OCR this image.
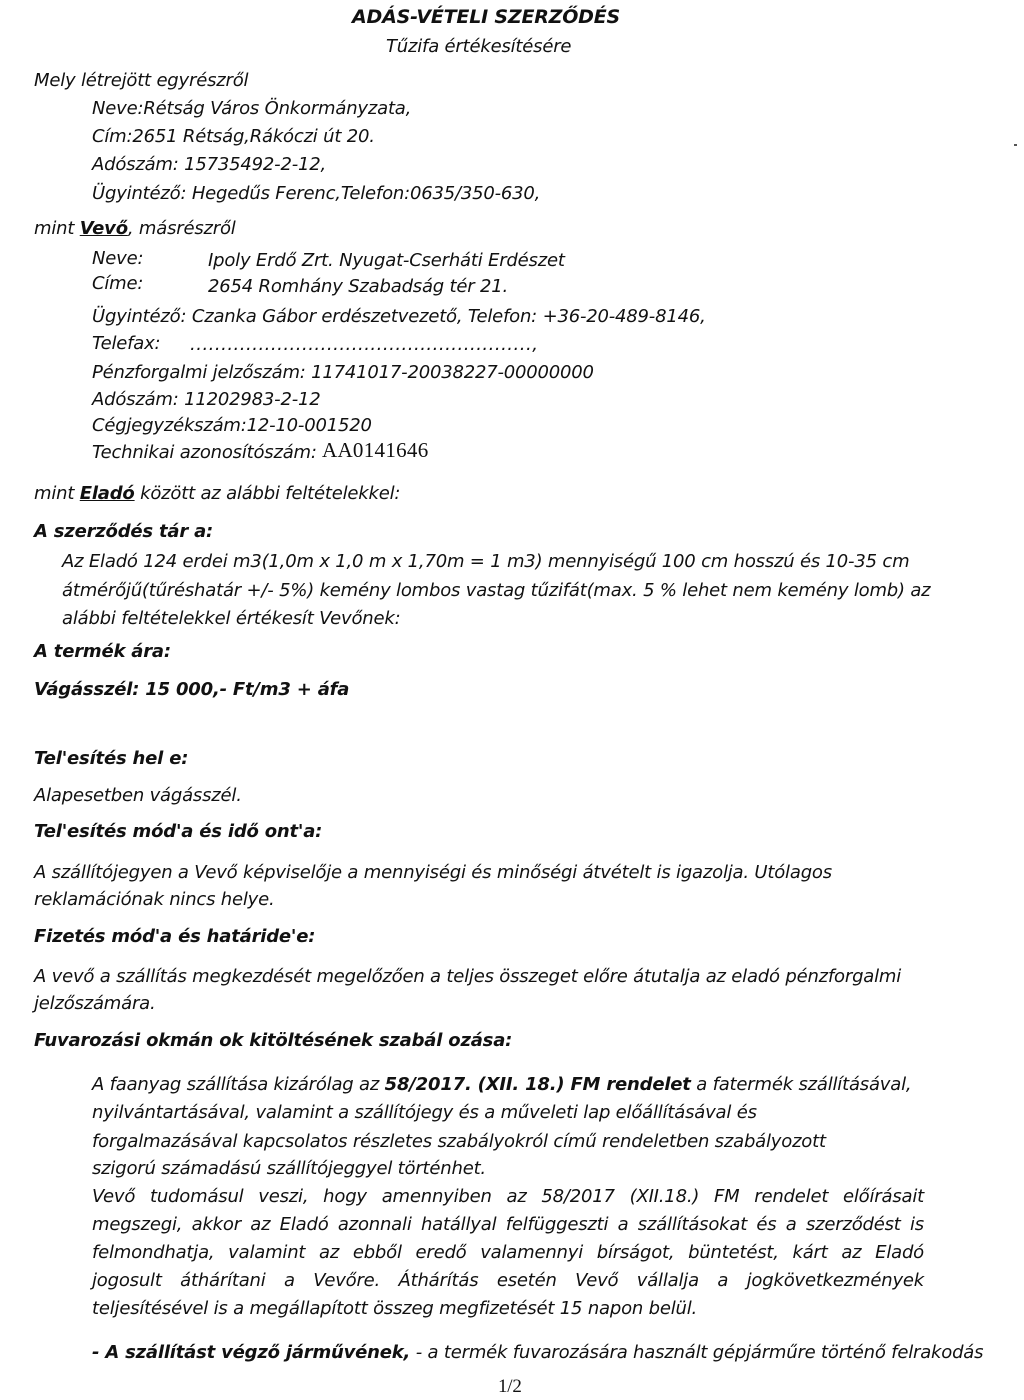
ADÁS-VÉTELI SZERZŐDÉS
Tűzifa értékesítésére
Mely létrejött egyrészről
Neve:Rétság Város Önkormányzata,
Cím:2651 Rétság,Rákóczi út 20.
Adószám: 15735492-2-12,
Ügyintéző: Hegedűs Ferenc,Telefon:0635/350-630,
mint Vevő, másrészről
Neve:	Ipoly Erdő Zrt. Nyugat-Cserháti Erdészet
Címe:	2654 Romhány Szabadság tér 21.
Ügyintéző: Czanka Gábor erdészetvezető, Telefon: +36-20-489-8146,
Telefax: .......................................................,
Pénzforgalmi jelzőszám: 11741017-20038227-00000000
Adószám: 11202983-2-12
Cégjegyzékszám:12-10-001520
Technikai azonosítószám: AA0141646
mint Eladó között az alábbi feltételekkel:
A szerződés tár a:
Az Eladó 124 erdei m3(1,0m x 1,0 m x 1,70m = 1 m3) mennyiségű 100 cm hosszú és 10-35 cm
átmérőjű(tűréshatár +/- 5%) kemény lombos vastag tűzifát(max. 5 % lehet nem kemény lomb) az
alábbi feltételekkel értékesít Vevőnek:
A termék ára:
Vágásszél: 15 000,- Ft/m3 + áfa
Tel'esítés hel e:
Alapesetben vágásszél.
Tel'esítés mód'a és idő ont'a:
A szállítójegyen a Vevő képviselője a mennyiségi és minőségi átvételt is igazolja. Utólagos
reklamációnak nincs helye.
Fizetés mód'a és határide'e:
A vevő a szállítás megkezdését megelőzően a teljes összeget előre átutalja az eladó pénzforgalmi
jelzőszámára.
Fuvarozási okmán ok kitöltésének szabál ozása:
A faanyag szállítása kizárólag az 58/2017. (XII. 18.) FM rendelet a fatermék szállításával,
nyilvántartásával, valamint a szállítójegy és a műveleti lap előállításával és
forgalmazásával kapcsolatos részletes szabályokról című rendeletben szabályozott
szigorú számadású szállítójeggyel történhet.
Vevő tudomásul veszi, hogy amennyiben az 58/2017 (XII.18.) FM rendelet előírásait
megszegi, akkor az Eladó azonnali hatállyal felfüggeszti a szállításokat és a szerződést is
felmondhatja, valamint az ebből eredő valamennyi bírságot, büntetést, kárt az Eladó
jogosult áthárítani a Vevőre. Áthárítás esetén Vevő vállalja a jogkövetkezmények
teljesítésével is a megállapított összeg megfizetését 15 napon belül.
- A szállítást végző járművének, - a termék fuvarozására használt gépjárműre történő felrakodás
1/2
